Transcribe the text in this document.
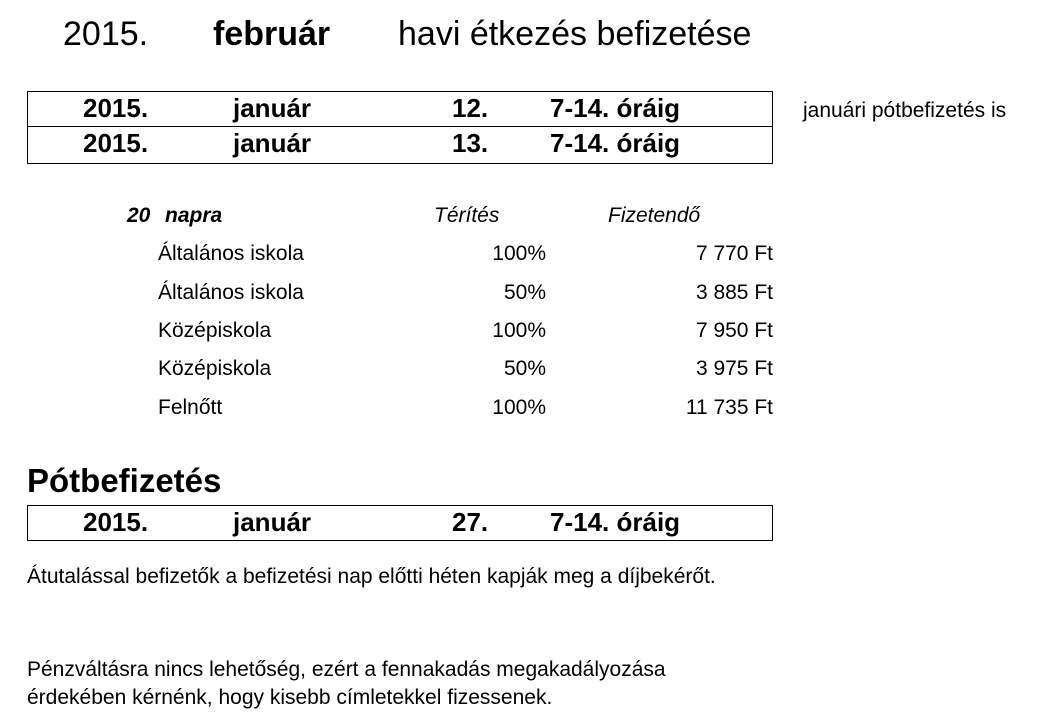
2015. február havi étkezés befizetése
2015.	január	12. 7-14. óráig
2015.	január	13. 7-14. óráig
januári pótbefizetés is
20 napra	Térítés	Fizetendő
Általános iskola	100%	7 770 Ft
Általános iskola	50%	3 885 Ft
Középiskola	100%	7 950 Ft
Középiskola	50%	3 975 Ft
Felnőtt	100%	11 735 Ft
Pótbefizetés
2015.	január	27. 7-14. óráig
Átutalással befizetők a befizetési nap előtti héten kapják meg a díjbekérőt.
Pénzváltásra nincs lehetőség, ezért a fennakadás megakadályozása érdekében kérnénk, hogy kisebb címletekkel fizessenek.
